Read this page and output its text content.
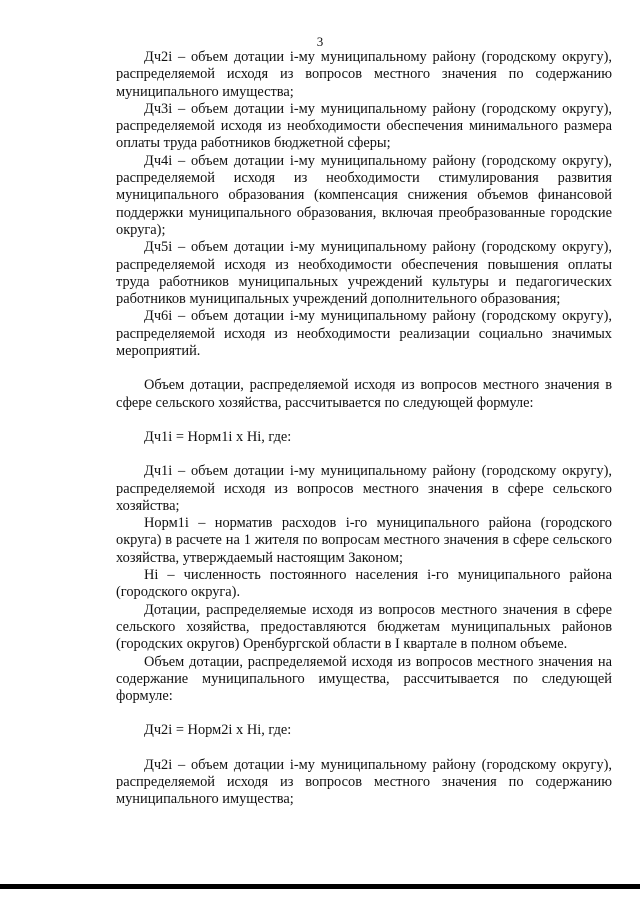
3

Дч2i – объем дотации i-му муниципальному району (городскому округу), распределяемой исходя из вопросов местного значения по содержанию муниципального имущества;

Дч3i – объем дотации i-му муниципальному району (городскому округу), распределяемой исходя из необходимости обеспечения минимального размера оплаты труда работников бюджетной сферы;

Дч4i – объем дотации i-му муниципальному району (городскому округу), распределяемой исходя из необходимости стимулирования развития муниципального образования (компенсация снижения объемов финансовой поддержки муниципального образования, включая преобразованные городские округа);

Дч5i – объем дотации i-му муниципальному району (городскому округу), распределяемой исходя из необходимости обеспечения повышения оплаты труда работников муниципальных учреждений культуры и педагогических работников муниципальных учреждений дополнительного образования;

Дч6i – объем дотации i-му муниципальному району (городскому округу), распределяемой исходя из необходимости реализации социально значимых мероприятий.

Объем дотации, распределяемой исходя из вопросов местного значения в сфере сельского хозяйства, рассчитывается по следующей формуле:

Дч1i = Норм1i x Hi, где:

Дч1i – объем дотации i-му муниципальному району (городскому округу), распределяемой исходя из вопросов местного значения в сфере сельского хозяйства;

Норм1i – норматив расходов i-го муниципального района (городского округа) в расчете на 1 жителя по вопросам местного значения в сфере сельского хозяйства, утверждаемый настоящим Законом;

Hi – численность постоянного населения i-го муниципального района (городского округа).

Дотации, распределяемые исходя из вопросов местного значения в сфере сельского хозяйства, предоставляются бюджетам муниципальных районов (городских округов) Оренбургской области в I квартале в полном объеме.

Объем дотации, распределяемой исходя из вопросов местного значения на содержание муниципального имущества, рассчитывается по следующей формуле:

Дч2i = Норм2i x Hi, где:

Дч2i – объем дотации i-му муниципальному району (городскому округу), распределяемой исходя из вопросов местного значения по содержанию муниципального имущества;
